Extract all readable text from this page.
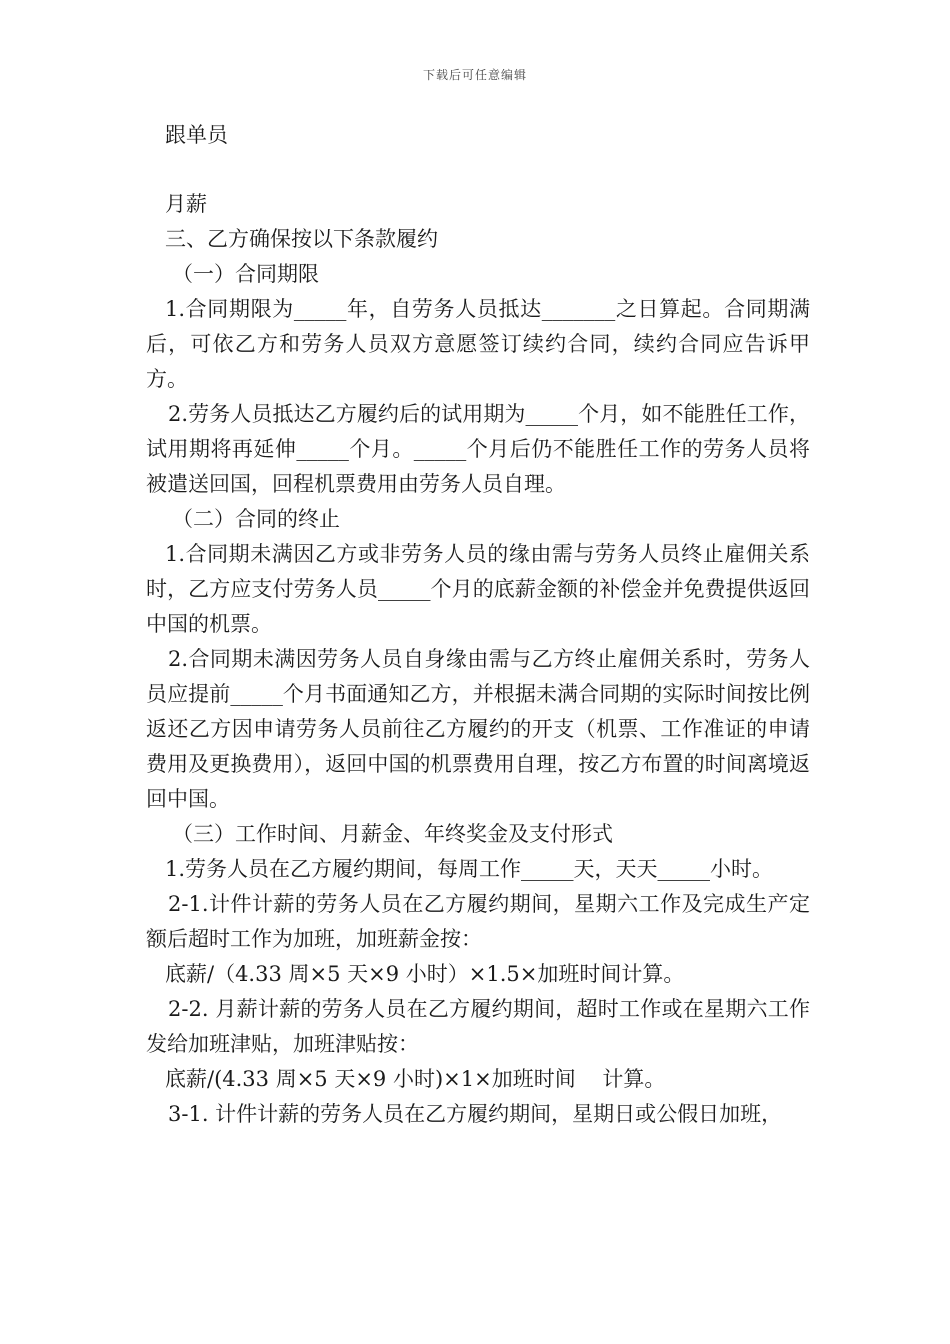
下载后可任意编辑

跟单员

月薪

三、乙方确保按以下条款履约

（一）合同期限

1.合同期限为_____年，自劳务人员抵达_______之日算起。合同期满后，可依乙方和劳务人员双方意愿签订续约合同，续约合同应告诉甲方。

2.劳务人员抵达乙方履约后的试用期为_____个月，如不能胜任工作，试用期将再延伸_____个月。_____个月后仍不能胜任工作的劳务人员将被遣送回国，回程机票费用由劳务人员自理。

（二）合同的终止

1.合同期未满因乙方或非劳务人员的缘由需与劳务人员终止雇佣关系时，乙方应支付劳务人员_____个月的底薪金额的补偿金并免费提供返回中国的机票。

2.合同期未满因劳务人员自身缘由需与乙方终止雇佣关系时，劳务人员应提前_____个月书面通知乙方，并根据未满合同期的实际时间按比例返还乙方因申请劳务人员前往乙方履约的开支（机票、工作准证的申请费用及更换费用），返回中国的机票费用自理，按乙方布置的时间离境返回中国。

（三）工作时间、月薪金、年终奖金及支付形式

1.劳务人员在乙方履约期间，每周工作_____天，天天_____小时。

2-1.计件计薪的劳务人员在乙方履约期间，星期六工作及完成生产定额后超时工作为加班，加班薪金按：

底薪/（4.33 周×5 天×9 小时）×1.5×加班时间计算。

2-2. 月薪计薪的劳务人员在乙方履约期间，超时工作或在星期六工作发给加班津贴，加班津贴按：

底薪/(4.33 周×5 天×9 小时)×1×加班时间    计算。

3-1. 计件计薪的劳务人员在乙方履约期间，星期日或公假日加班，
